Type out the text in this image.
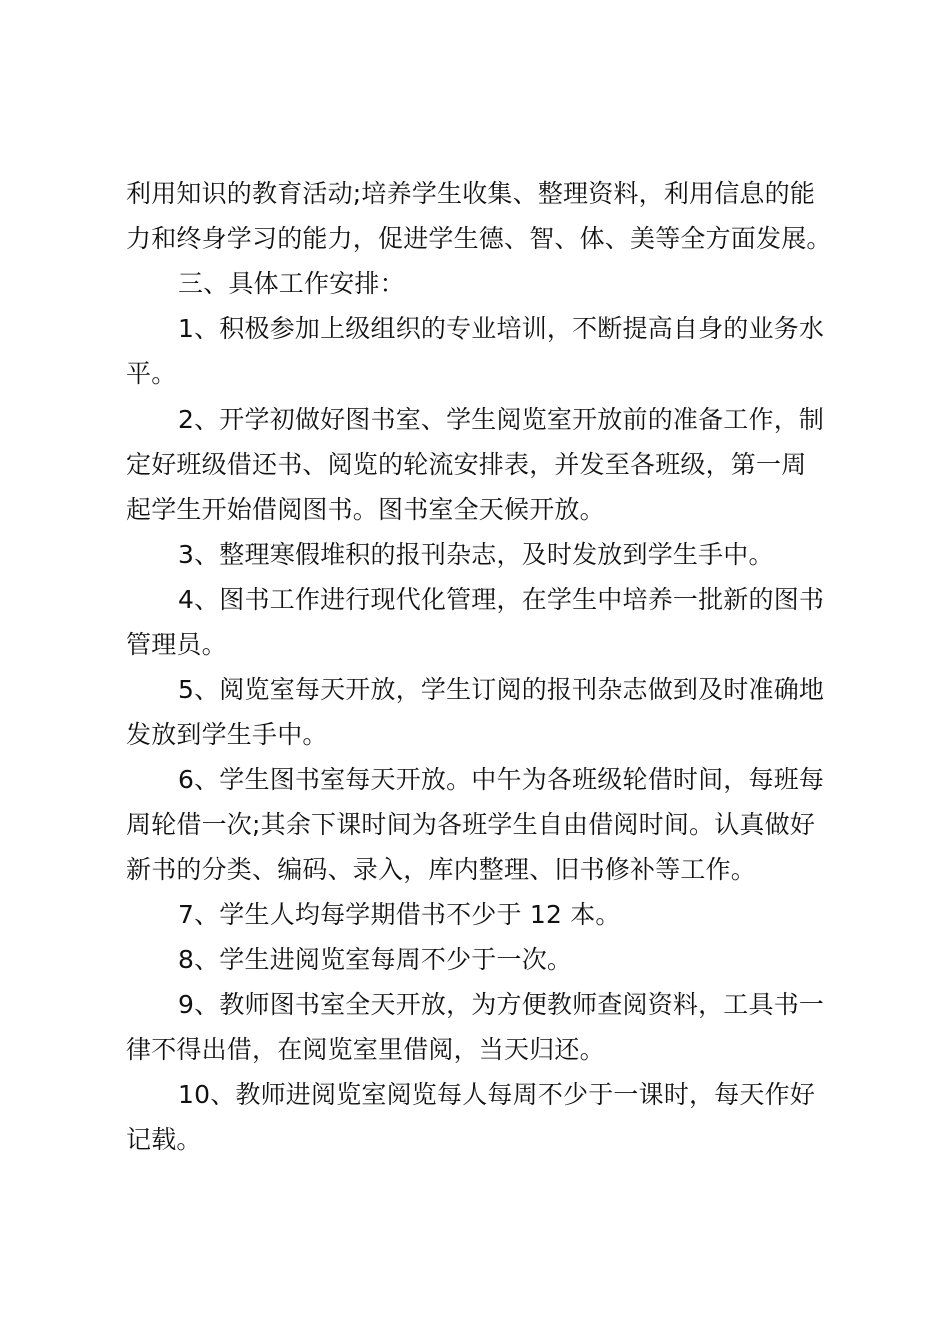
利用知识的教育活动;培养学生收集、整理资料，利用信息的能
力和终身学习的能力，促进学生德、智、体、美等全方面发展。
三、具体工作安排：
1、积极参加上级组织的专业培训，不断提高自身的业务水
平。
2、开学初做好图书室、学生阅览室开放前的准备工作，制
定好班级借还书、阅览的轮流安排表，并发至各班级，第一周
起学生开始借阅图书。图书室全天候开放。
3、整理寒假堆积的报刊杂志，及时发放到学生手中。
4、图书工作进行现代化管理，在学生中培养一批新的图书
管理员。
5、阅览室每天开放，学生订阅的报刊杂志做到及时准确地
发放到学生手中。
6、学生图书室每天开放。中午为各班级轮借时间，每班每
周轮借一次;其余下课时间为各班学生自由借阅时间。认真做好
新书的分类、编码、录入，库内整理、旧书修补等工作。
7、学生人均每学期借书不少于 12 本。
8、学生进阅览室每周不少于一次。
9、教师图书室全天开放，为方便教师查阅资料，工具书一
律不得出借，在阅览室里借阅，当天归还。
10、教师进阅览室阅览每人每周不少于一课时，每天作好
记载。
